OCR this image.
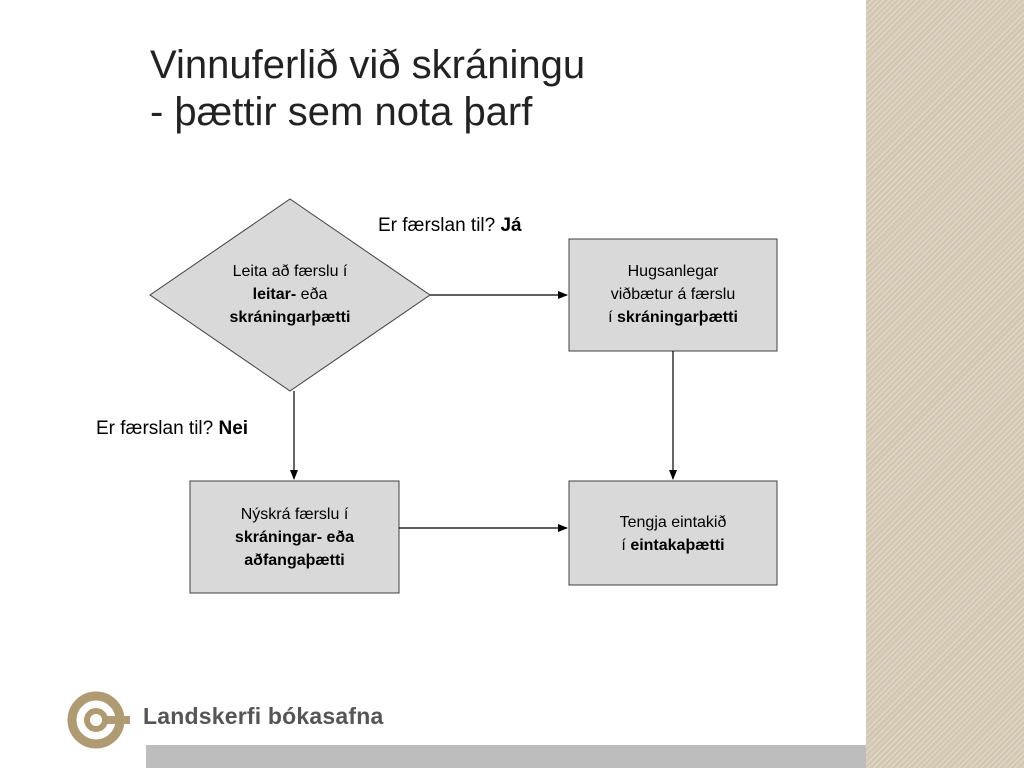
Vinnuferlið við skráningu
- þættir sem nota þarf
Leita að færslu í
leitar- eða
skráningarþætti
Hugsanlegar
viðbætur á færslu
í skráningarþætti
Nýskrá færslu í
skráningar- eða
aðfangaþætti
Tengja eintakið
í eintakaþætti
Er færslan til? Já
Er færslan til? Nei
Landskerfi bókasafna
